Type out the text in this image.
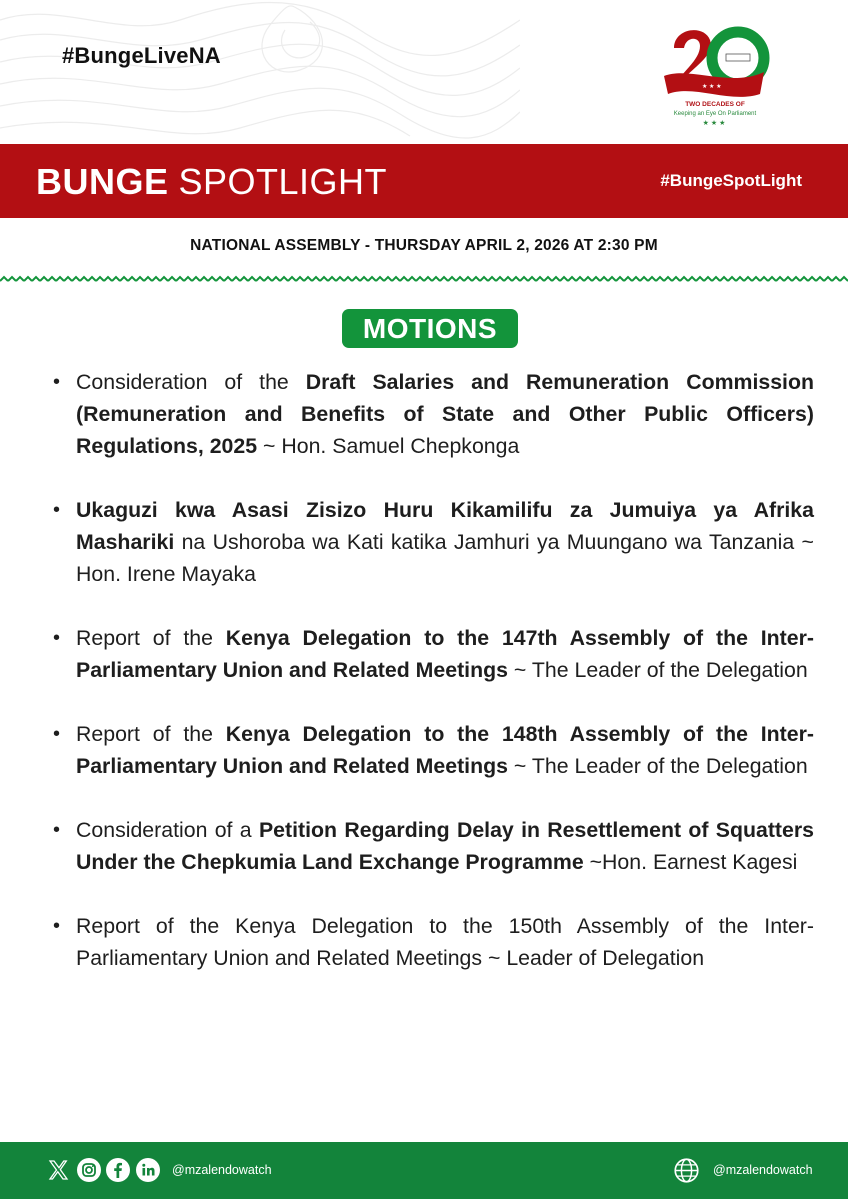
#BungeLiveNA
★ ★ ★
TWO DECADES OF
Keeping an Eye On Parliament
★★★
BUNGE SPOTLIGHT	#BungeSpotLight
NATIONAL ASSEMBLY - THURSDAY APRIL 2, 2026 AT 2:30 PM
MOTIONS
• Consideration of the Draft Salaries and Remuneration Commission (Remuneration and Benefits of State and Other Public Officers) Regulations, 2025 ~ Hon. Samuel Chepkonga
• Ukaguzi kwa Asasi Zisizo Huru Kikamilifu za Jumuiya ya Afrika Mashariki na Ushoroba wa Kati katika Jamhuri ya Muungano wa Tanzania ~ Hon. Irene Mayaka
• Report of the Kenya Delegation to the 147th Assembly of the Inter-Parliamentary Union and Related Meetings ~ The Leader of the Delegation
• Report of the Kenya Delegation to the 148th Assembly of the Inter-Parliamentary Union and Related Meetings ~ The Leader of the Delegation
• Consideration of a Petition Regarding Delay in Resettlement of Squatters Under the Chepkumia Land Exchange Programme ~Hon. Earnest Kagesi
• Report of the Kenya Delegation to the 150th Assembly of the Inter-Parliamentary Union and Related Meetings ~ Leader of Delegation
@mzalendowatch	@mzalendowatch
